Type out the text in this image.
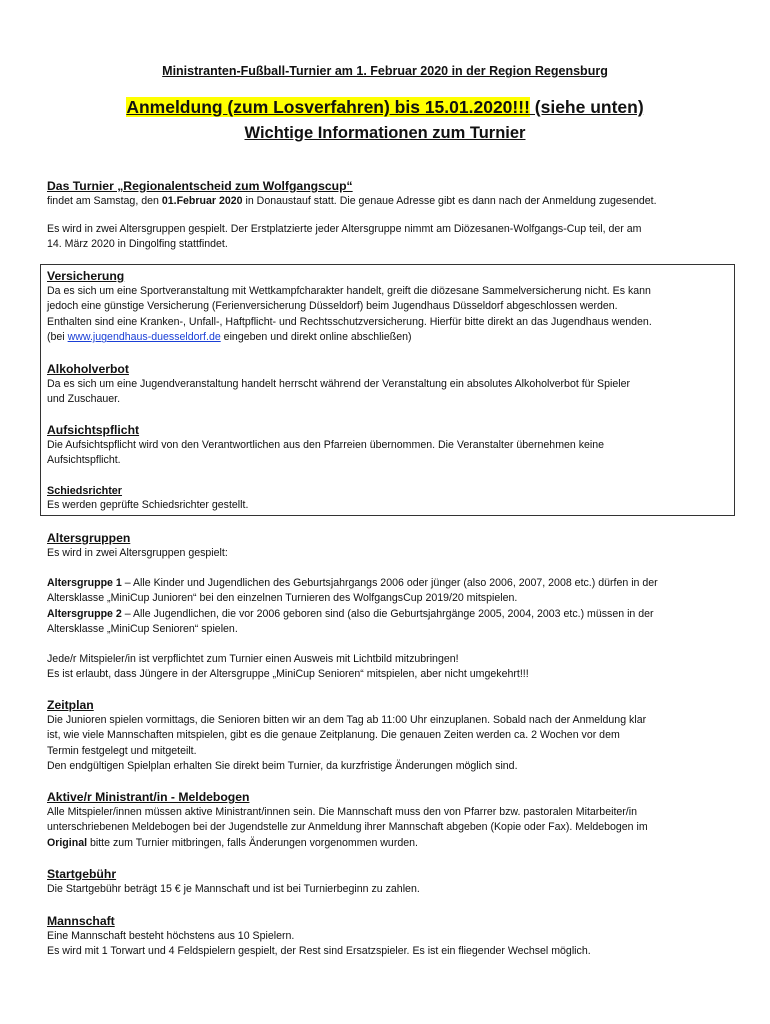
Ministranten-Fußball-Turnier am 1. Februar 2020 in der Region Regensburg
Anmeldung (zum Losverfahren) bis 15.01.2020!!! (siehe unten)
Wichtige Informationen zum Turnier
Das Turnier „Regionalentscheid zum Wolfgangscup“
findet am Samstag, den 01.Februar 2020 in Donaustauf statt. Die genaue Adresse gibt es dann nach der Anmeldung zugesendet.
Es wird in zwei Altersgruppen gespielt. Der Erstplatzierte jeder Altersgruppe nimmt am Diözesanen-Wolfgangs-Cup teil, der am
14. März 2020 in Dingolfing stattfindet.
Versicherung
Da es sich um eine Sportveranstaltung mit Wettkampfcharakter handelt, greift die diözesane Sammelversicherung nicht. Es kann
jedoch eine günstige Versicherung (Ferienversicherung Düsseldorf) beim Jugendhaus Düsseldorf abgeschlossen werden.
Enthalten sind eine Kranken-, Unfall-, Haftpflicht- und Rechtsschutzversicherung. Hierfür bitte direkt an das Jugendhaus wenden.
(bei www.jugendhaus-duesseldorf.de eingeben und direkt online abschließen)
Alkoholverbot
Da es sich um eine Jugendveranstaltung handelt herrscht während der Veranstaltung ein absolutes Alkoholverbot für Spieler
und Zuschauer.
Aufsichtspflicht
Die Aufsichtspflicht wird von den Verantwortlichen aus den Pfarreien übernommen. Die Veranstalter übernehmen keine
Aufsichtspflicht.
Schiedsrichter
Es werden geprüfte Schiedsrichter gestellt.
Altersgruppen
Es wird in zwei Altersgruppen gespielt:
Altersgruppe 1 – Alle Kinder und Jugendlichen des Geburtsjahrgangs 2006 oder jünger (also 2006, 2007, 2008 etc.) dürfen in der
Altersklasse „MiniCup Junioren“ bei den einzelnen Turnieren des WolfgangsCup 2019/20 mitspielen.
Altersgruppe 2 – Alle Jugendlichen, die vor 2006 geboren sind (also die Geburtsjahrgänge 2005, 2004, 2003 etc.) müssen in der
Altersklasse „MiniCup Senioren“ spielen.
Jede/r Mitspieler/in ist verpflichtet zum Turnier einen Ausweis mit Lichtbild mitzubringen!
Es ist erlaubt, dass Jüngere in der Altersgruppe „MiniCup Senioren“ mitspielen, aber nicht umgekehrt!!!
Zeitplan
Die Junioren spielen vormittags, die Senioren bitten wir an dem Tag ab 11:00 Uhr einzuplanen. Sobald nach der Anmeldung klar
ist, wie viele Mannschaften mitspielen, gibt es die genaue Zeitplanung. Die genauen Zeiten werden ca. 2 Wochen vor dem
Termin festgelegt und mitgeteilt.
Den endgültigen Spielplan erhalten Sie direkt beim Turnier, da kurzfristige Änderungen möglich sind.
Aktive/r Ministrant/in - Meldebogen
Alle Mitspieler/innen müssen aktive Ministrant/innen sein. Die Mannschaft muss den von Pfarrer bzw. pastoralen Mitarbeiter/in
unterschriebenen Meldebogen bei der Jugendstelle zur Anmeldung ihrer Mannschaft abgeben (Kopie oder Fax). Meldebogen im
Original bitte zum Turnier mitbringen, falls Änderungen vorgenommen wurden.
Startgebühr
Die Startgebühr beträgt 15 € je Mannschaft und ist bei Turnierbeginn zu zahlen.
Mannschaft
Eine Mannschaft besteht höchstens aus 10 Spielern.
Es wird mit 1 Torwart und 4 Feldspielern gespielt, der Rest sind Ersatzspieler. Es ist ein fliegender Wechsel möglich.
